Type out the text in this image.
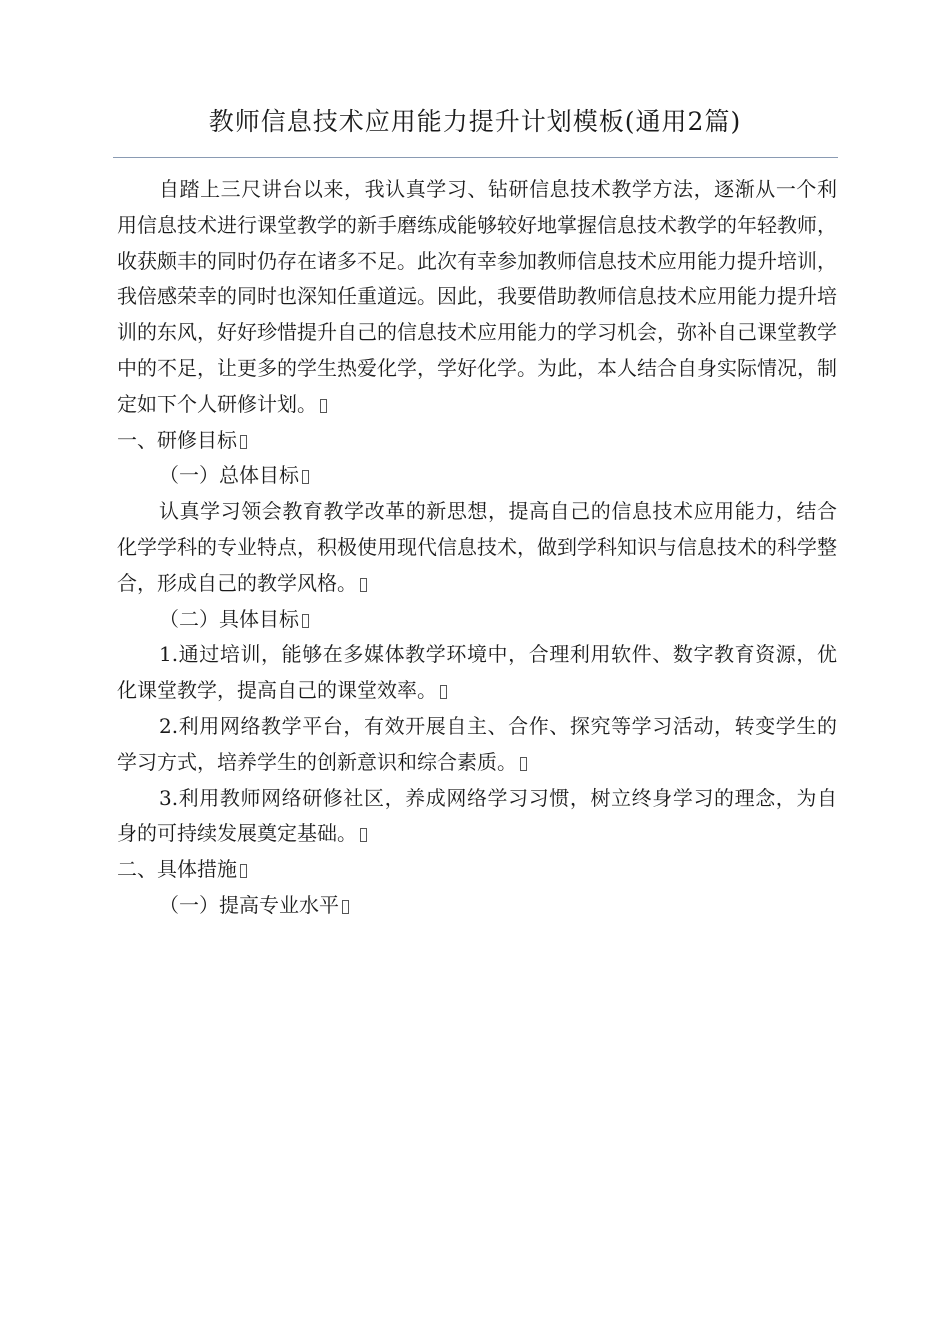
教师信息技术应用能力提升计划模板(通用2篇)

自踏上三尺讲台以来，我认真学习、钻研信息技术教学方法，逐渐从一个利用信息技术进行课堂教学的新手磨练成能够较好地掌握信息技术教学的年轻教师，收获颇丰的同时仍存在诸多不足。此次有幸参加教师信息技术应用能力提升培训，我倍感荣幸的同时也深知任重道远。因此，我要借助教师信息技术应用能力提升培训的东风，好好珍惜提升自己的信息技术应用能力的学习机会，弥补自己课堂教学中的不足，让更多的学生热爱化学，学好化学。为此，本人结合自身实际情况，制定如下个人研修计划。

一、研修目标

（一）总体目标

认真学习领会教育教学改革的新思想，提高自己的信息技术应用能力，结合化学学科的专业特点，积极使用现代信息技术，做到学科知识与信息技术的科学整合，形成自己的教学风格。

（二）具体目标

1.通过培训，能够在多媒体教学环境中，合理利用软件、数字教育资源，优化课堂教学，提高自己的课堂效率。

2.利用网络教学平台，有效开展自主、合作、探究等学习活动，转变学生的学习方式，培养学生的创新意识和综合素质。

3.利用教师网络研修社区，养成网络学习习惯，树立终身学习的理念，为自身的可持续发展奠定基础。

二、具体措施

（一）提高专业水平
